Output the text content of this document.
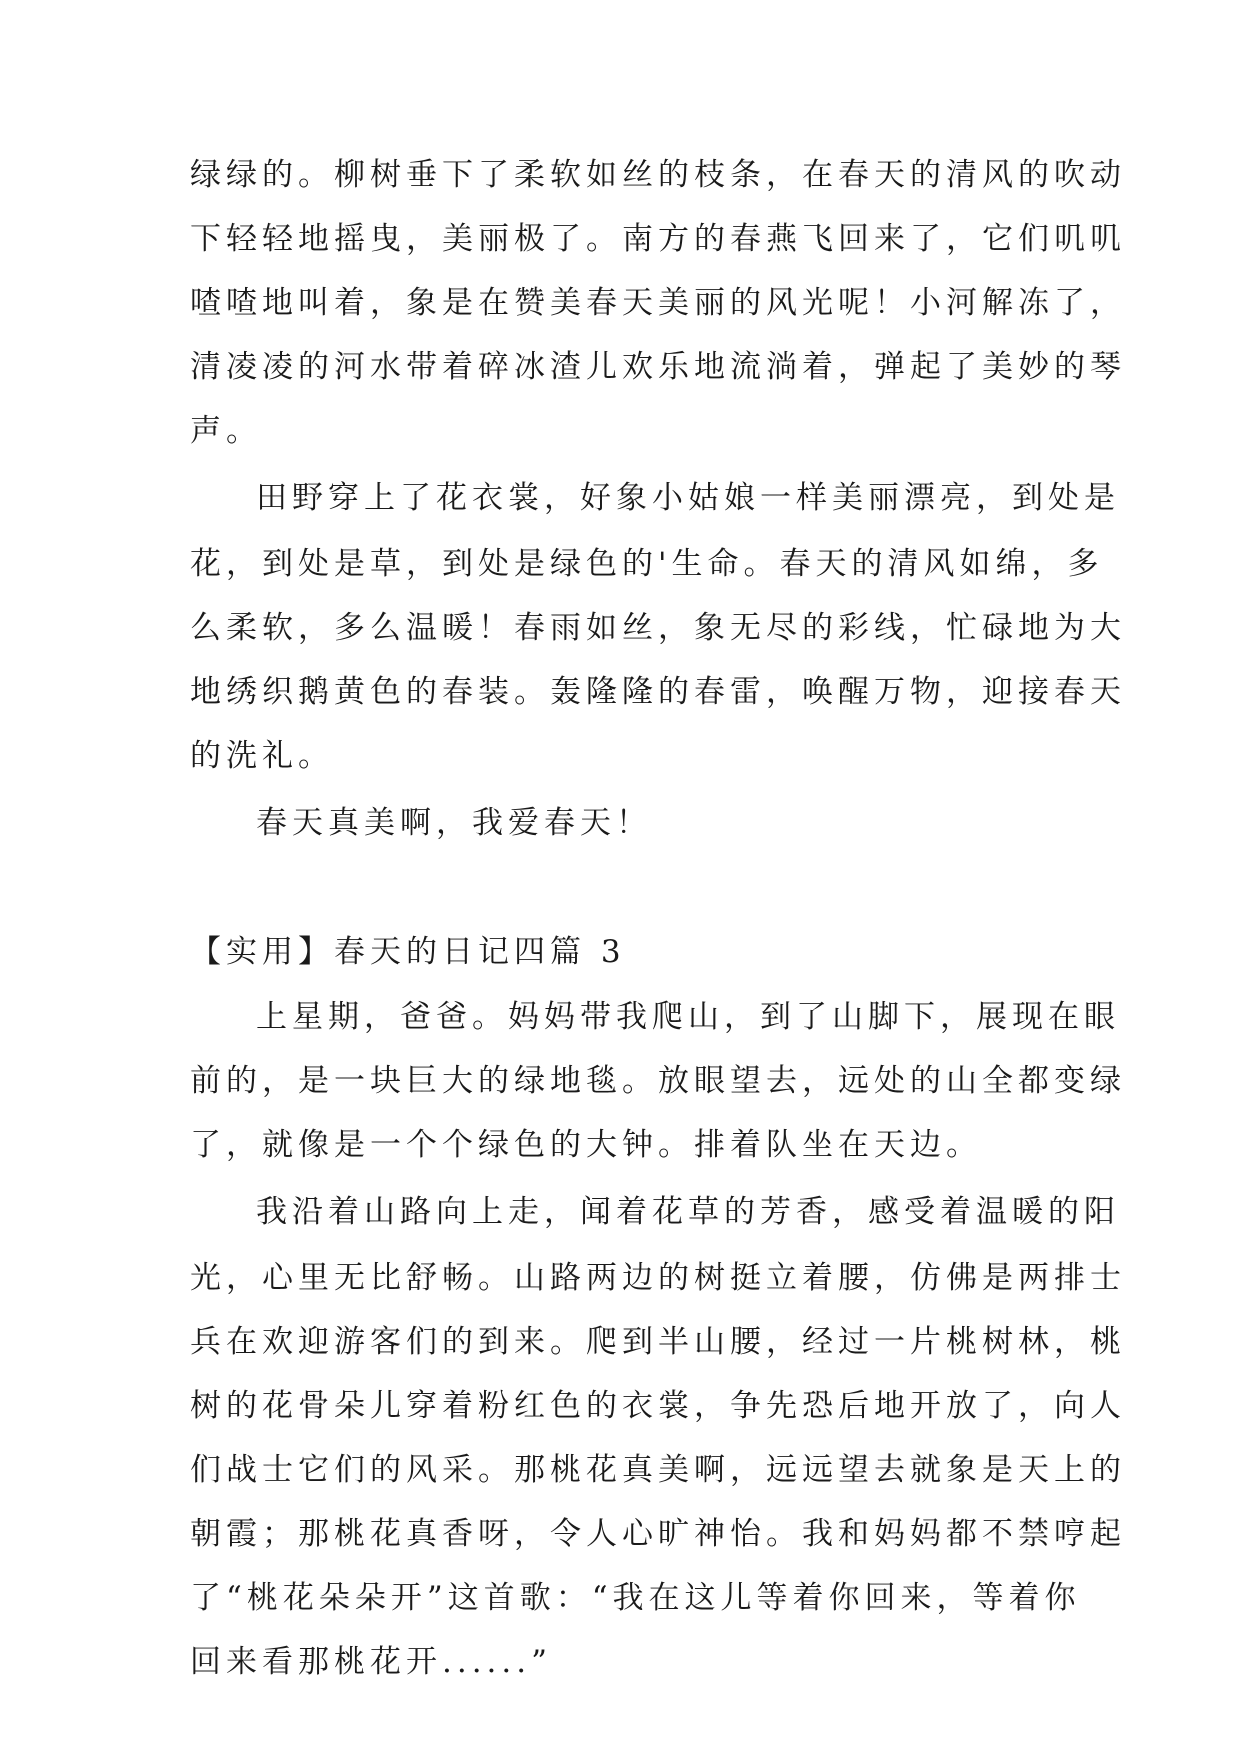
绿绿的。柳树垂下了柔软如丝的枝条，在春天的清风的吹动
下轻轻地摇曳，美丽极了。南方的春燕飞回来了，它们叽叽
喳喳地叫着，象是在赞美春天美丽的风光呢！小河解冻了，
清凌凌的河水带着碎冰渣儿欢乐地流淌着，弹起了美妙的琴
声。
田野穿上了花衣裳，好象小姑娘一样美丽漂亮，到处是
花，到处是草，到处是绿色的'生命。春天的清风如绵，多
么柔软，多么温暖！春雨如丝，象无尽的彩线，忙碌地为大
地绣织鹅黄色的春装。轰隆隆的春雷，唤醒万物，迎接春天
的洗礼。
春天真美啊，我爱春天！
【实用】春天的日记四篇 3
上星期，爸爸。妈妈带我爬山，到了山脚下，展现在眼
前的，是一块巨大的绿地毯。放眼望去，远处的山全都变绿
了，就像是一个个绿色的大钟。排着队坐在天边。
我沿着山路向上走，闻着花草的芳香，感受着温暖的阳
光，心里无比舒畅。山路两边的树挺立着腰，仿佛是两排士
兵在欢迎游客们的到来。爬到半山腰，经过一片桃树林，桃
树的花骨朵儿穿着粉红色的衣裳，争先恐后地开放了，向人
们战士它们的风采。那桃花真美啊，远远望去就象是天上的
朝霞；那桃花真香呀，令人心旷神怡。我和妈妈都不禁哼起
了“桃花朵朵开”这首歌：“我在这儿等着你回来，等着你
回来看那桃花开......”
